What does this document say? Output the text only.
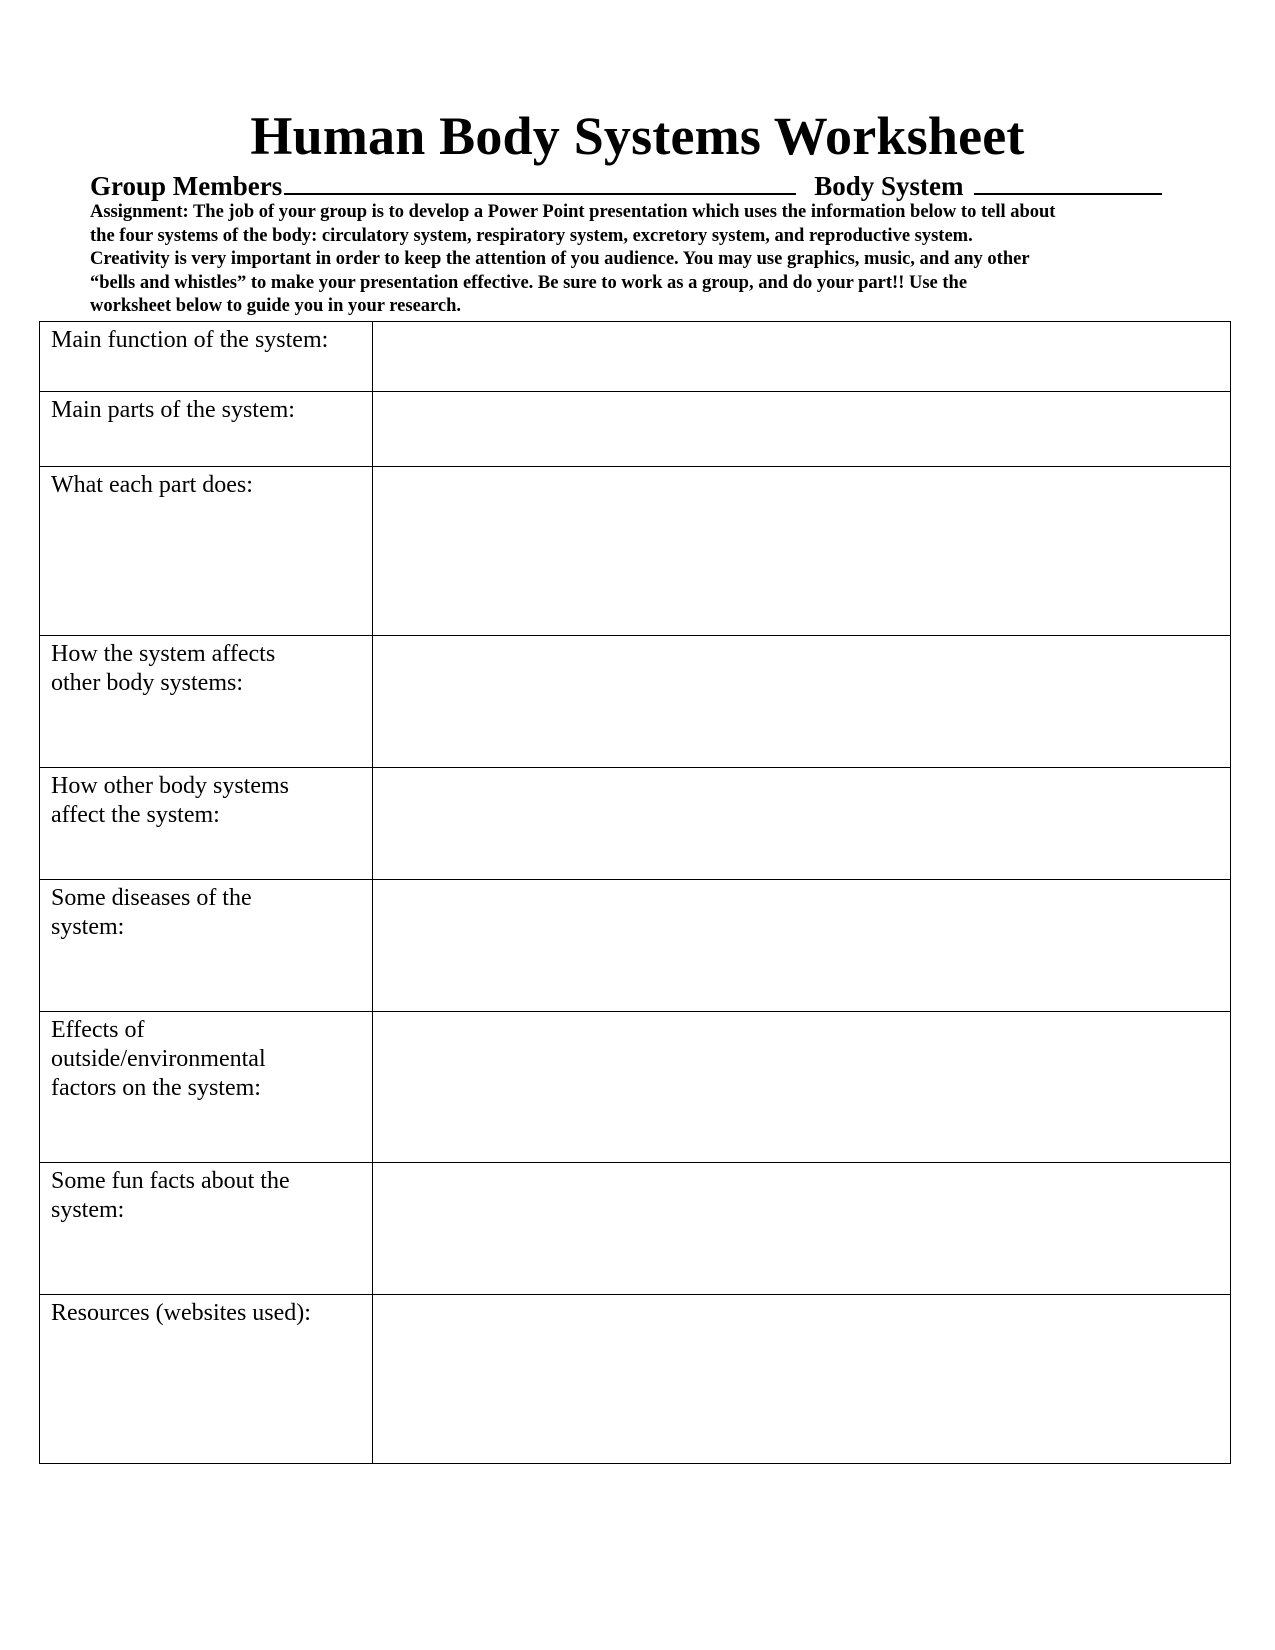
Human Body Systems Worksheet
Group Members	Body System
Assignment: The job of your group is to develop a Power Point presentation which uses the information below to tell about
the four systems of the body: circulatory system, respiratory system, excretory system, and reproductive system.
Creativity is very important in order to keep the attention of you audience. You may use graphics, music, and any other
“bells and whistles” to make your presentation effective. Be sure to work as a group, and do your part!! Use the
worksheet below to guide you in your research.
Main function of the system:	

Main parts of the system:	

What each part does:	

How the system affects
other body systems:	

How other body systems
affect the system:	

Some diseases of the
system:	

Effects of
outside/environmental
factors on the system:	

Some fun facts about the
system:	

Resources (websites used):	
